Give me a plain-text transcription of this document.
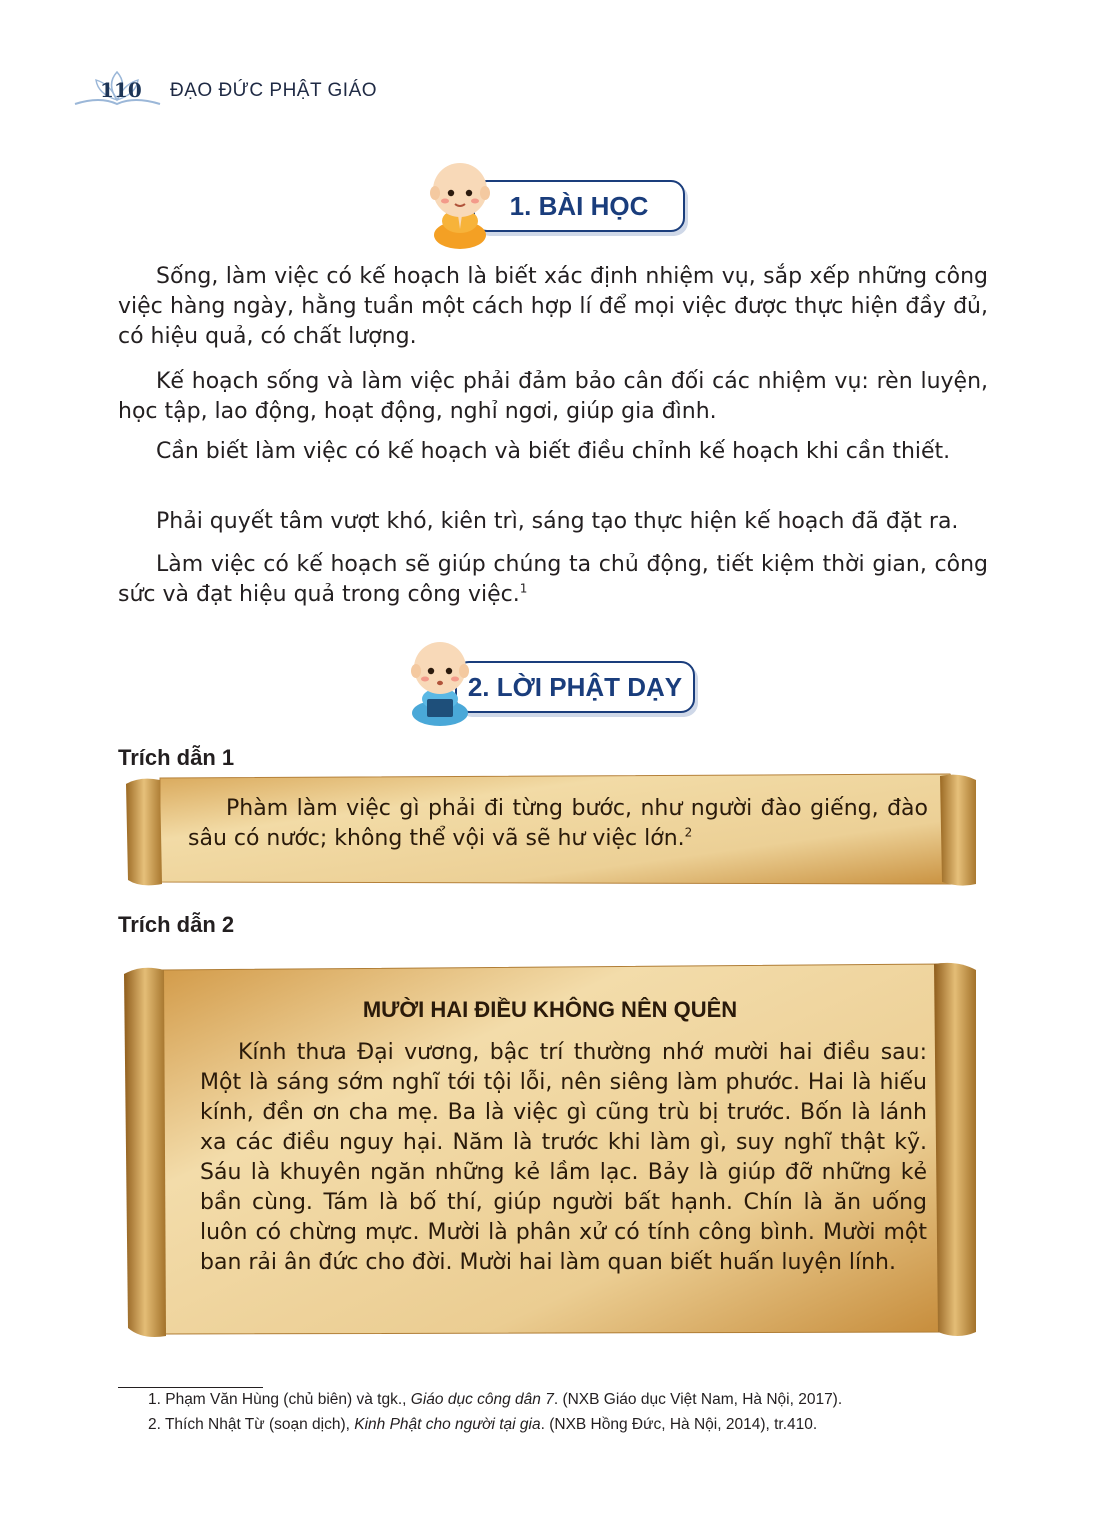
110 ĐẠO ĐỨC PHẬT GIÁO
1. BÀI HỌC

Sống, làm việc có kế hoạch là biết xác định nhiệm vụ, sắp xếp những công việc hàng ngày, hằng tuần một cách hợp lí để mọi việc được thực hiện đầy đủ, có hiệu quả, có chất lượng.

Kế hoạch sống và làm việc phải đảm bảo cân đối các nhiệm vụ: rèn luyện, học tập, lao động, hoạt động, nghỉ ngơi, giúp gia đình.

Cần biết làm việc có kế hoạch và biết điều chỉnh kế hoạch khi cần thiết.

Phải quyết tâm vượt khó, kiên trì, sáng tạo thực hiện kế hoạch đã đặt ra.

Làm việc có kế hoạch sẽ giúp chúng ta chủ động, tiết kiệm thời gian, công sức và đạt hiệu quả trong công việc.$^1$

2. LỜI PHẬT DẠY
Trích dẫn 1

Phàm làm việc gì phải đi từng bước, như người đào giếng, đào sâu có nước; không thể vội vã sẽ hư việc lớn.$^2$

Trích dẫn 2
MƯỜI HAI ĐIỀU KHÔNG NÊN QUÊN

Kính thưa Đại vương, bậc trí thường nhớ mười hai điều sau: Một là sáng sớm nghĩ tới tội lỗi, nên siêng làm phước. Hai là hiếu kính, đền ơn cha mẹ. Ba là việc gì cũng trù bị trước. Bốn là lánh xa các điều nguy hại. Năm là trước khi làm gì, suy nghĩ thật kỹ. Sáu là khuyên ngăn những kẻ lầm lạc. Bảy là giúp đỡ những kẻ bần cùng. Tám là bố thí, giúp người bất hạnh. Chín là ăn uống luôn có chừng mực. Mười là phân xử có tính công bình. Mười một ban rải ân đức cho đời. Mười hai làm quan biết huấn luyện lính.

1. Phạm Văn Hùng (chủ biên) và tgk., Giáo dục công dân 7. (NXB Giáo dục Việt Nam, Hà Nội, 2017).
2. Thích Nhật Từ (soạn dịch), Kinh Phật cho người tại gia. (NXB Hồng Đức, Hà Nội, 2014), tr.410.
